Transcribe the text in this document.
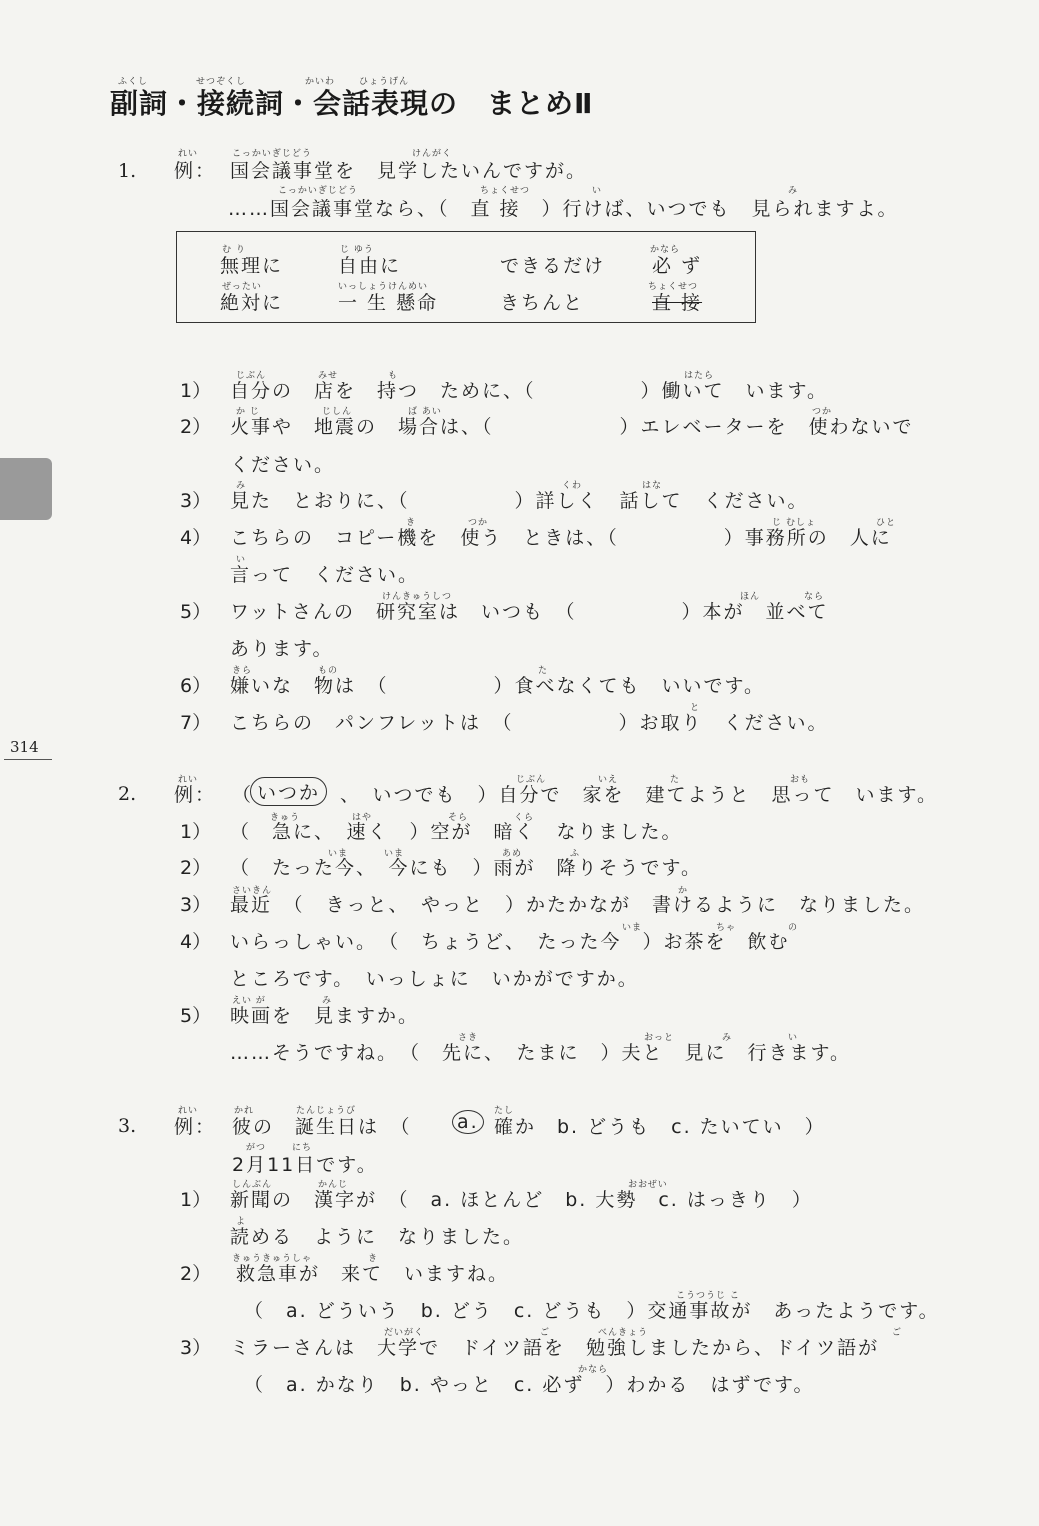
ふくし	せつぞくし	かいわ	ひょうげん
副詞・接続詞・会話表現の　まとめⅡ
314
1.
れい
例：
こっかいぎじどう	けんがく
国会議事堂を　見学したいんですが。
こっかいぎじどう	ちょくせつ	い	み
……国会議事堂なら、（　直 接　）行けば、いつでも　見られますよ。
む り	じ ゆう	かなら
無理に	自由に	できるだけ 必 ず
ぜったい	いっしょうけんめい	ちょくせつ
絶対に	一 生 懸命	きちんと	直 接
1） 自分の　店を　持つ　ために、（　　　　　）働いて　います。
2） 火事や　地震の　場合は、（　　　　　　）エレベーターを　使わないで
ください。
3） 見た　とおりに、（　　　　　）詳しく　話して　ください。
4） こちらの　コピー機を　使う　ときは、（　　　　　）事務所の　人に
言って　ください。
5） ワットさんの　研究室は　いつも　（　　　　　）本が　並べて
あります。
6） 嫌いな　物は　（　　　　　）食べなくても　いいです。
7） こちらの　パンフレットは　（　　　　　）お取り　ください。
じぶん	みせ	も	はたら
か じ	じしん	ば あい	つか
み	くわ	はな
き	つか	じ むしょ	ひと
い
けんきゅうしつ	ほん	なら
きら	もの	た
と
2. 例： （ いつか	、　いつでも　）自分で　家を　建てようと　思って　います。
1） （　急に、　速く　）空が　暗く　なりました。
2） （　たった今、　今にも　）雨が　降りそうです。
3） 最近　（　きっと、　やっと　）かたかなが　書けるように　なりました。
4） いらっしゃい。　（　ちょうど、　たった今　）お茶を　飲む
ところです。　いっしょに　いかがですか。
5） 映画を　見ますか。
……そうですね。　（　先に、　たまに　）夫と　見に　行きます。
れい	じぶん	いえ	た	おも
きゅう	はや	そら	くら
いま	いま	あめ	ふ
さいきん	か
いま	ちゃ	の
えい が	み
さき	おっと	み	い
3. 例： 彼の　誕生日は　（　 a. 確か　b. どうも　c. たいてい　）
2月11日です。
1） 新聞の　漢字が　（　a. ほとんど　b. 大勢　c. はっきり　）
読める　ように　なりました。
2） 救急車が　来て　いますね。
（　a. どういう　b. どう　c. どうも　）交通事故が　あったようです。
3） ミラーさんは　大学で　ドイツ語を　勉強しましたから、ドイツ語が
（　a. かなり　b. やっと　c. 必ず　）わかる　はずです。
れい	かれ	たんじょうび	たし
がつ	にち
しんぶん	かんじ	おおぜい
よ
きゅうきゅうしゃ	き
こうつうじ こ
だいがく	ご	べんきょう	ご
かなら
